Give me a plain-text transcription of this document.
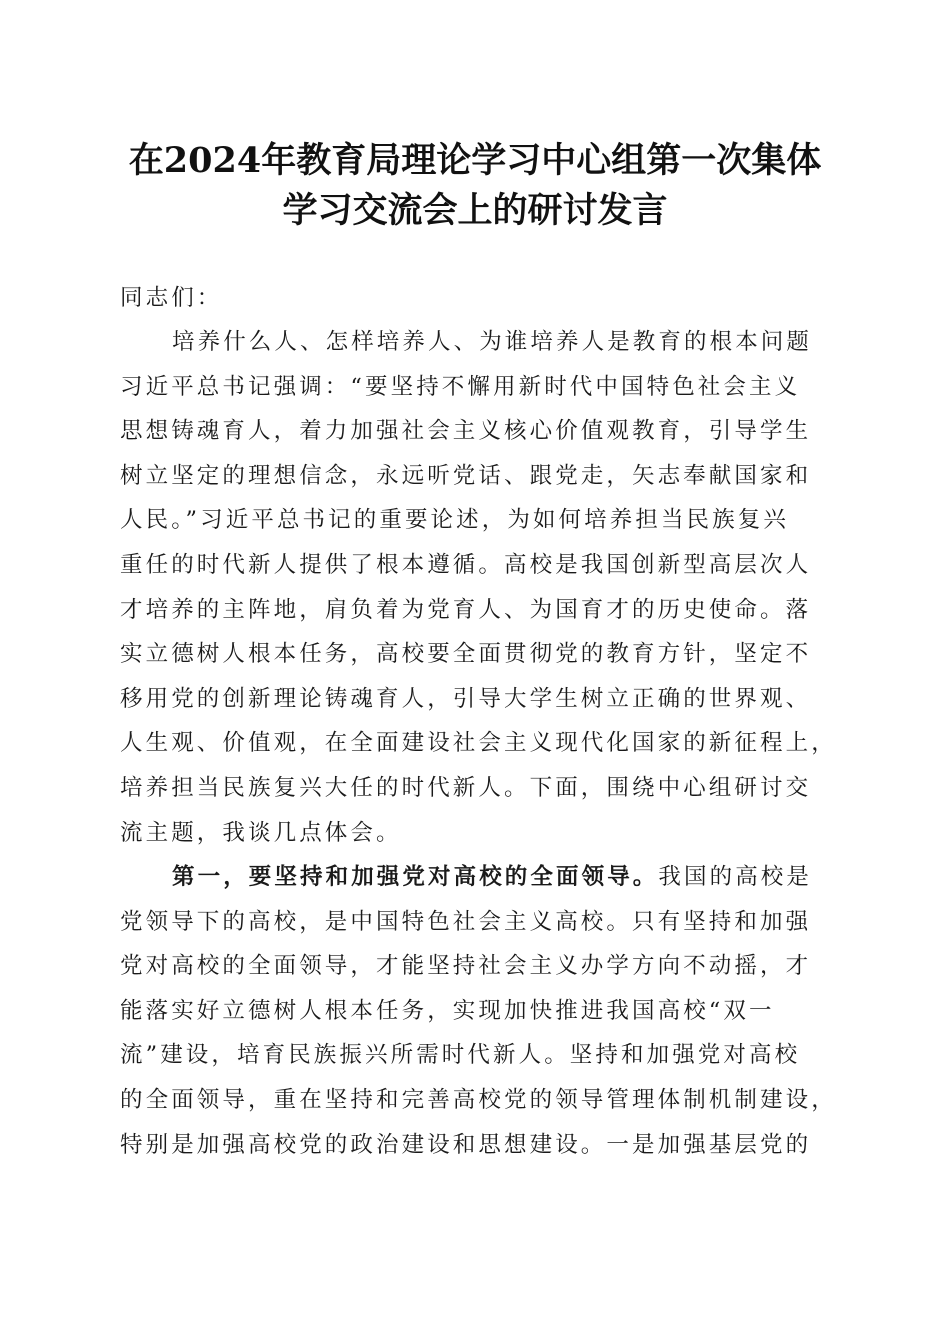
在2024年教育局理论学习中心组第一次集体
学习交流会上的研讨发言
同志们：
培养什么人、怎样培养人、为谁培养人是教育的根本问题
习近平总书记强调：“要坚持不懈用新时代中国特色社会主义
思想铸魂育人，着力加强社会主义核心价值观教育，引导学生
树立坚定的理想信念，永远听党话、跟党走，矢志奉献国家和
人民。”习近平总书记的重要论述，为如何培养担当民族复兴
重任的时代新人提供了根本遵循。高校是我国创新型高层次人
才培养的主阵地，肩负着为党育人、为国育才的历史使命。落
实立德树人根本任务，高校要全面贯彻党的教育方针，坚定不
移用党的创新理论铸魂育人，引导大学生树立正确的世界观、
人生观、价值观，在全面建设社会主义现代化国家的新征程上，
培养担当民族复兴大任的时代新人。下面，围绕中心组研讨交
流主题，我谈几点体会。
第一，要坚持和加强党对高校的全面领导。我国的高校是
党领导下的高校，是中国特色社会主义高校。只有坚持和加强
党对高校的全面领导，才能坚持社会主义办学方向不动摇，才
能落实好立德树人根本任务，实现加快推进我国高校“双一
流”建设，培育民族振兴所需时代新人。坚持和加强党对高校
的全面领导，重在坚持和完善高校党的领导管理体制机制建设，
特别是加强高校党的政治建设和思想建设。一是加强基层党的
